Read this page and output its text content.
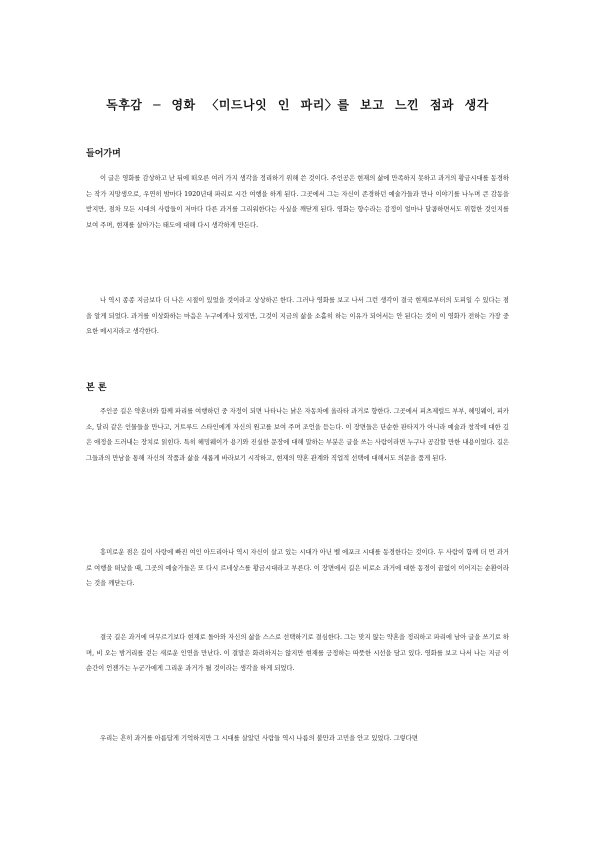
독후감 ─ 영화 〈미드나잇 인 파리〉를 보고 느낀 점과 생각
들어가며

이 글은 영화를 감상하고 난 뒤에 떠오른 여러 가지 생각을 정리하기 위해 쓴 것이다. 주인공은 현재의 삶에 만족하지 못하고 과거의 황금시대를 동경하는 작가 지망생으로, 우연히 밤마다 1920년대 파리로 시간 여행을 하게 된다. 그곳에서 그는 자신이 존경하던 예술가들과 만나 이야기를 나누며 큰 감동을 받지만, 점차 모든 시대의 사람들이 저마다 다른 과거를 그리워한다는 사실을 깨닫게 된다. 영화는 향수라는 감정이 얼마나 달콤하면서도 위험한 것인지를 보여 주며, 현재를 살아가는 태도에 대해 다시 생각하게 만든다.

나 역시 종종 지금보다 더 나은 시절이 있었을 것이라고 상상하곤 한다. 그러나 영화를 보고 나서 그런 생각이 결국 현재로부터의 도피일 수 있다는 점을 알게 되었다. 과거를 이상화하는 마음은 누구에게나 있지만, 그것이 지금의 삶을 소홀히 하는 이유가 되어서는 안 된다는 것이 이 영화가 전하는 가장 중요한 메시지라고 생각한다.

본 론

주인공 길은 약혼녀와 함께 파리를 여행하던 중 자정이 되면 나타나는 낡은 자동차에 올라타 과거로 향한다. 그곳에서 피츠제럴드 부부, 헤밍웨이, 피카소, 달리 같은 인물들을 만나고, 거트루드 스타인에게 자신의 원고를 보여 주며 조언을 듣는다. 이 장면들은 단순한 판타지가 아니라 예술과 창작에 대한 깊은 애정을 드러내는 장치로 읽힌다. 특히 헤밍웨이가 용기와 진실한 문장에 대해 말하는 부분은 글을 쓰는 사람이라면 누구나 공감할 만한 내용이었다. 길은 그들과의 만남을 통해 자신의 작품과 삶을 새롭게 바라보기 시작하고, 현재의 약혼 관계와 직업적 선택에 대해서도 의문을 품게 된다.

흥미로운 점은 길이 사랑에 빠진 여인 아드리아나 역시 자신이 살고 있는 시대가 아닌 벨 에포크 시대를 동경한다는 것이다. 두 사람이 함께 더 먼 과거로 여행을 떠났을 때, 그곳의 예술가들은 또 다시 르네상스를 황금시대라고 부른다. 이 장면에서 길은 비로소 과거에 대한 동경이 끝없이 이어지는 순환이라는 것을 깨닫는다.

결국 길은 과거에 머무르기보다 현재로 돌아와 자신의 삶을 스스로 선택하기로 결심한다. 그는 맞지 않는 약혼을 정리하고 파리에 남아 글을 쓰기로 하며, 비 오는 밤거리를 걷는 새로운 인연을 만난다. 이 결말은 화려하지는 않지만 현재를 긍정하는 따뜻한 시선을 담고 있다. 영화를 보고 나서 나는 지금 이 순간이 언젠가는 누군가에게 그리운 과거가 될 것이라는 생각을 하게 되었다.

우리는 흔히 과거를 아름답게 기억하지만 그 시대를 살았던 사람들 역시 나름의 불만과 고민을 안고 있었다. 그렇다면
